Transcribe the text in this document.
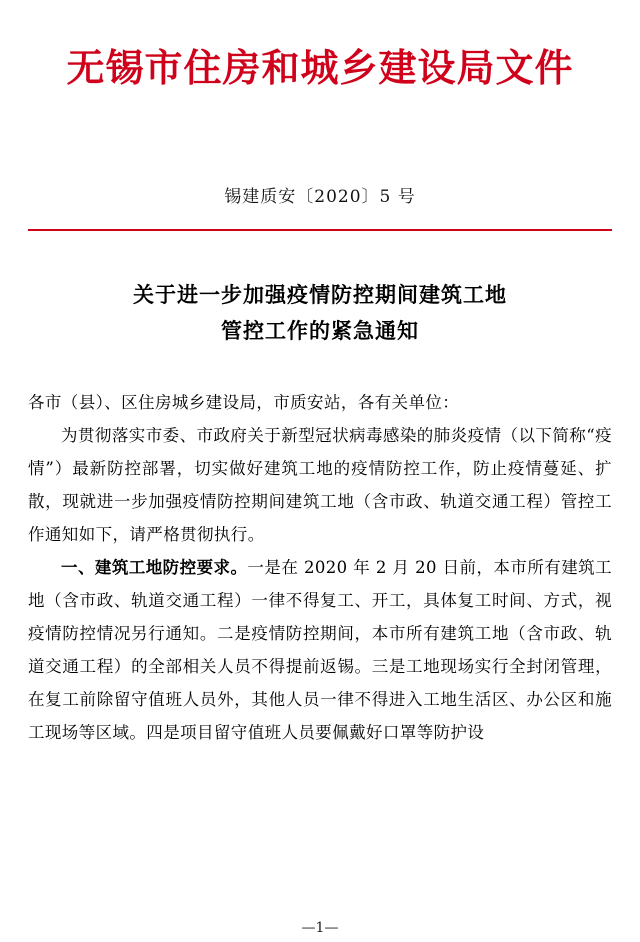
无锡市住房和城乡建设局文件
锡建质安〔2020〕5 号
关于进一步加强疫情防控期间建筑工地
管控工作的紧急通知

各市（县）、区住房城乡建设局，市质安站，各有关单位：

为贯彻落实市委、市政府关于新型冠状病毒感染的肺炎疫情（以下简称“疫情”）最新防控部署，切实做好建筑工地的疫情防控工作，防止疫情蔓延、扩散，现就进一步加强疫情防控期间建筑工地（含市政、轨道交通工程）管控工作通知如下，请严格贯彻执行。

一、建筑工地防控要求。一是在 2020 年 2 月 20 日前，本市所有建筑工地（含市政、轨道交通工程）一律不得复工、开工，具体复工时间、方式，视疫情防控情况另行通知。二是疫情防控期间，本市所有建筑工地（含市政、轨道交通工程）的全部相关人员不得提前返锡。三是工地现场实行全封闭管理，在复工前除留守值班人员外，其他人员一律不得进入工地生活区、办公区和施工现场等区域。四是项目留守值班人员要佩戴好口罩等防护设

—1—
